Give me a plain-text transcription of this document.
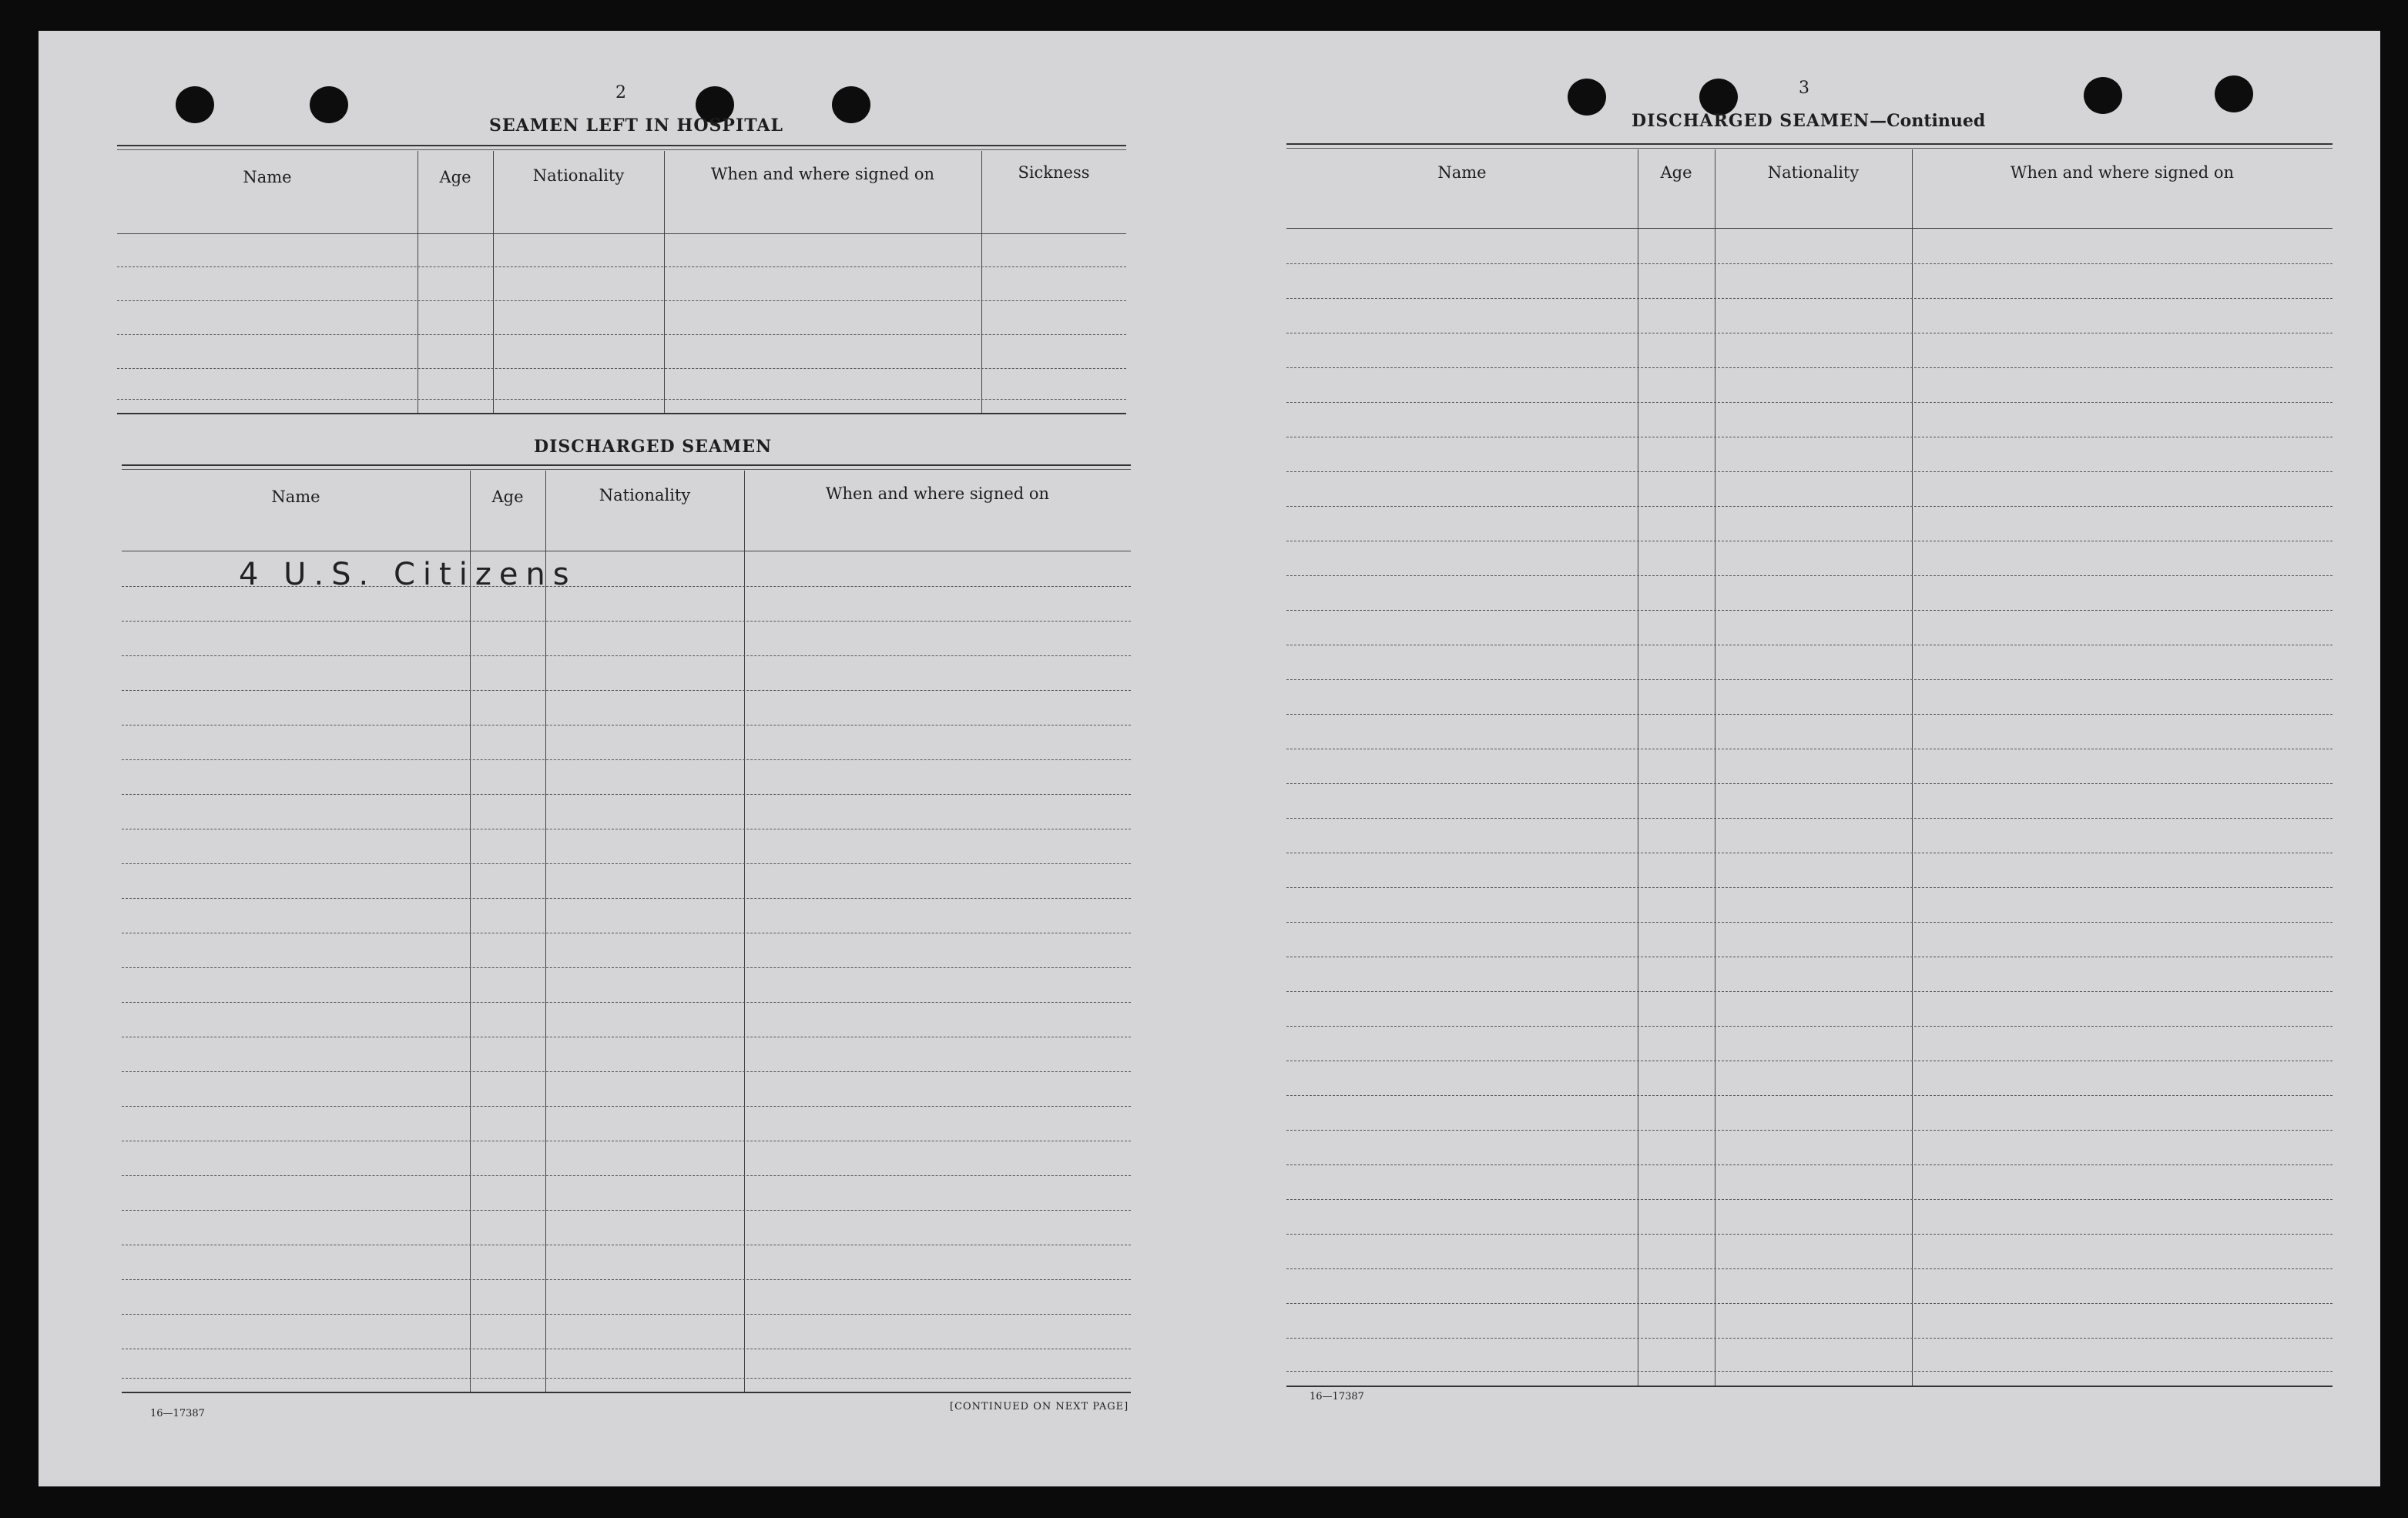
2
SEAMEN LEFT IN HOSPITAL
Name	Age	Nationality	When and where signed on	Sickness
DISCHARGED SEAMEN
Name	Age	Nationality	When and where signed on
4 U.S. Citizens
16—17387
[CONTINUED ON NEXT PAGE]
3
DISCHARGED SEAMEN—Continued
Name	Age	Nationality	When and where signed on
16—17387
